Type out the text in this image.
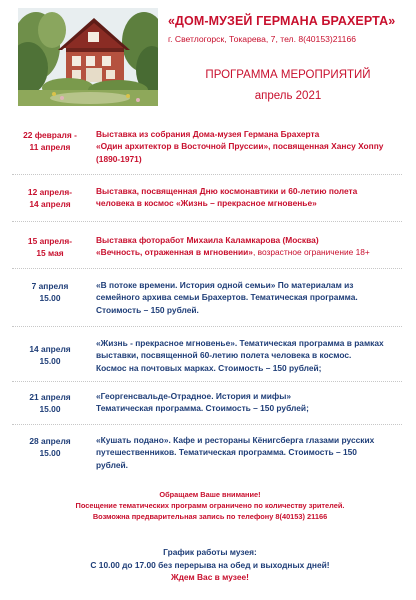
«ДОМ-МУЗЕЙ ГЕРМАНА БРАХЕРТА»
г. Светлогорск, Токарева, 7, тел. 8(40153)21166
ПРОГРАММА МЕРОПРИЯТИЙ
апрель 2021
22 февраля -
11 апреля
Выставка из собрания Дома-музея Германа Брахерта
«Один архитектор в Восточной Пруссии», посвященная Хансу Хоппу
(1890-1971)
12 апреля-
14 апреля
Выставка, посвященная Дню космонавтики и 60-летию полета
человека в космос «Жизнь – прекрасное мгновенье»
15 апреля-
15 мая
Выставка фоторабот Михаила Каламкарова (Москва)
«Вечность, отраженная в мгновении», возрастное ограничение 18+
7 апреля
15.00
«В потоке времени. История одной семьи» По материалам из
семейного архива семьи Брахертов. Тематическая программа.
Стоимость – 150 рублей.
14 апреля
15.00
«Жизнь - прекрасное мгновенье». Тематическая программа в рамках
выставки, посвященной 60-летию полета человека в космос.
Космос на почтовых марках. Стоимость – 150 рублей;
21 апреля
15.00
«Георгенсвальде-Отрадное. История и мифы»
Тематическая программа. Стоимость – 150 рублей;
28 апреля
15.00
«Кушать подано». Кафе и рестораны Кёнигсберга глазами русских
путешественников. Тематическая программа. Стоимость – 150
рублей.
Обращаем Ваше внимание!
Посещение тематических программ ограничено по количеству зрителей.
Возможна предварительная запись по телефону 8(40153) 21166
График работы музея:
С 10.00 до 17.00 без перерыва на обед и выходных дней!
Ждем Вас в музее!
